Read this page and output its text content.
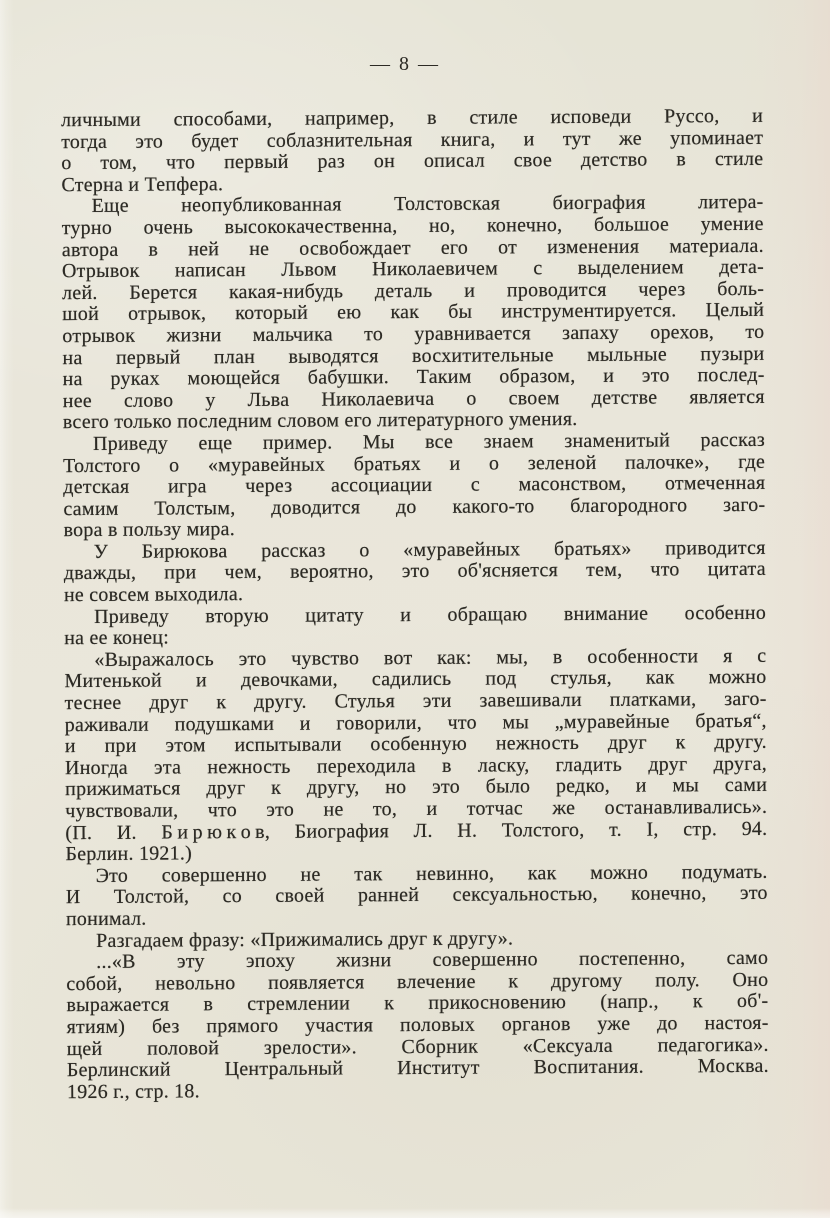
— 8 —
личными способами, например, в стиле исповеди Руссо, и
тогда это будет соблазнительная книга, и тут же упоминает
о том, что первый раз он описал свое детство в стиле
Стерна и Тепфера.
Еще неопубликованная Толстовская биография литера-
турно очень высококачественна, но, конечно, большое умение
автора в ней не освобождает его от изменения материала.
Отрывок написан Львом Николаевичем с выделением дета-
лей. Берется какая-нибудь деталь и проводится через боль-
шой отрывок, который ею как бы инструментируется. Целый
отрывок жизни мальчика то уравнивается запаху орехов, то
на первый план выводятся восхитительные мыльные пузыри
на руках моющейся бабушки. Таким образом, и это послед-
нее слово у Льва Николаевича о своем детстве является
всего только последним словом его литературного умения.
Приведу еще пример. Мы все знаем знаменитый рассказ
Толстого о «муравейных братьях и о зеленой палочке», где
детская игра через ассоциации с масонством, отмеченная
самим Толстым, доводится до какого-то благородного заго-
вора в пользу мира.
У Бирюкова рассказ о «муравейных братьях» приводится
дважды, при чем, вероятно, это об'ясняется тем, что цитата
не совсем выходила.
Приведу вторую цитату и обращаю внимание особенно
на ее конец:
«Выражалось это чувство вот как: мы, в особенности я с
Митенькой и девочками, садились под стулья, как можно
теснее друг к другу. Стулья эти завешивали платками, заго-
раживали подушками и говорили, что мы „муравейные братья“,
и при этом испытывали особенную нежность друг к другу.
Иногда эта нежность переходила в ласку, гладить друг друга,
прижиматься друг к другу, но это было редко, и мы сами
чувствовали, что это не то, и тотчас же останавливались».
(П. И. Б и р ю к о в, Биография Л. Н. Толстого, т. I, стр. 94.
Берлин. 1921.)
Это совершенно не так невинно, как можно подумать.
И Толстой, со своей ранней сексуальностью, конечно, это
понимал.
Разгадаем фразу: «Прижимались друг к другу».
...«В эту эпоху жизни совершенно постепенно, само
собой, невольно появляется влечение к другому полу. Оно
выражается в стремлении к прикосновению (напр., к об'-
ятиям) без прямого участия половых органов уже до настоя-
щей половой зрелости». Сборник «Сексуала педагогика».
Берлинский Центральный Институт Воспитания. Москва.
1926 г., стр. 18.
